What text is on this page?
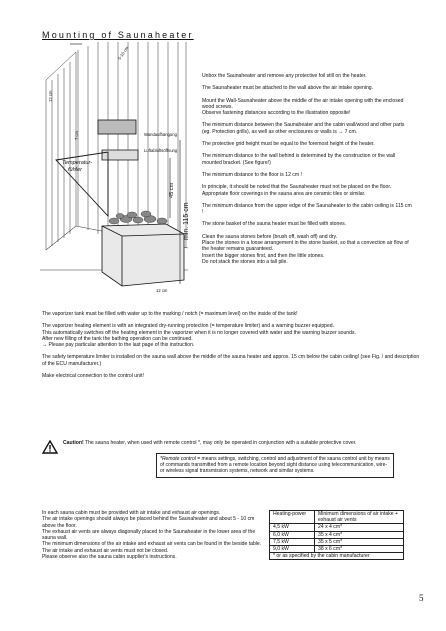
Mounting of Saunaheater
5-10 cm
Wandaufhängung
Luftabluftsöffnung
Temperatur-
fühler
45 cm
min. 115 cm
12 cm
7 cm
12 cm

Unbox the Saunaheater and remove any protective foil still on the heater.

The Saunaheater must be attached to the wall above the air intake opening.

Mount the Wall-Saunaheater above the middle of the air intake opening with the enclosed wood screws.

Observe fastening distances according to the illustration opposite!

The minimum distance between the Saunaheater and the cabin wall/wood and other parts (eg. Protection grills), as well as other enclosures or walls is → 7 cm.

The protective grid height must be equal to the foremost height of the heater.

The minimum distance to the wall behind is determined by the construction or the wall mounted bracket. (See figure!)

The minimum distance to the floor is 12 cm !

In principle, it should be noted that the Saunaheater must not be placed on the floor.

Appropriate floor coverings in the sauna area are ceramic tiles or similar.

The minimum distance from the upper edge of the Saunaheater to the cabin ceiling is 115 cm !

The stone basket of the sauna heater must be filled with stones.

Clean the sauna stones before (brush off, wash off) and dry.

Place the stones in a loose arrangement in the stone basket, so that a convection air flow of the heater remains guaranteed.

Insert the bigger stones first, and then the little stones.

Do not stack the stones into a tall pile.

The vaporizer tank must be filled with water up to the marking / notch (= maximum level) on the inside of the tank!

The vaporizer heating element is with an integrated dry-running protection (= temperature limiter) and a warning buzzer equipped.

This automatically switches off the heating element in the vaporizer when it is no longer covered with water and the warning buzzer sounds.

After new filling of the tank the bathing operation can be continued.

→ Please pay particular attention to the last page of this instruction.

The safety temperature limiter is installed on the sauna wall above the middle of the sauna heater and approx. 15 cm below the cabin ceiling! (see Fig. / and description of the ECU manufacturer.)

Make electrical connection to the control unit!

Caution! The sauna heater, when used with remote control *, may only be operated in conjunction with a suitable protective cover.
*Remote control = means settings, switching, control and adjustment of the sauna control unit by means of commands transmitted from a remote location beyond sight distance using telecommunication, wire- or wireless signal transmission systems, network and similar systems.

In each sauna cabin must be provided with air intake and exhaust air openings.

The air intake openings should always be placed behind the Saunaheater and about 5 - 10 cm above the floor.

The exhaust air vents are always diagonally placed to the Saunaheater in the lower area of the sauna wall.

The minimum dimensions of the air intake and exhaust air vents can be found in the beside table.

The air intake and exhaust air vents must not be closed.

Please observe also the sauna cabin supplier's instructions.

Heating-power	Minimum dimensions of air intake + exhaust air vents
4,5 kW	24 x 4 cm*
6,0 kW	35 x 4 cm*
7,5 kW	35 x 5 cm*
9,0 kW	38 x 6 cm*
* or as specified by the cabin manufacturer	
5
